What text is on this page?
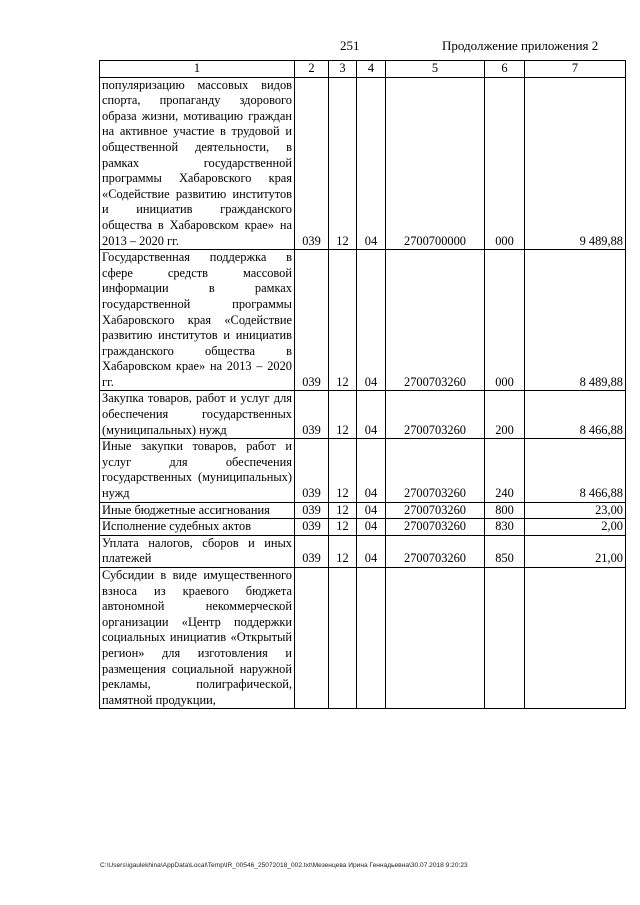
251	Продолжение приложения 2
1	2	3	4	5	6	7
популяризацию массовых видов спорта, пропаганду здорового образа жизни, мотивацию граждан на активное участие в трудовой и общественной деятельности, в рамках государственной программы Хабаровского края «Содействие развитию институтов и инициатив гражданского общества в Хабаровском крае» на 2013 – 2020 гг.	039	12	04	2700700000	000	9 489,88
Государственная поддержка в сфере средств массовой информации в рамках государственной программы Хабаровского края «Содействие развитию институтов и инициатив гражданского общества в Хабаровском крае» на 2013 – 2020 гг.	039	12	04	2700703260	000	8 489,88
Закупка товаров, работ и услуг для обеспечения государственных (муниципальных) нужд	039	12	04	2700703260	200	8 466,88
Иные закупки товаров, работ и услуг для обеспечения государственных (муниципальных) нужд	039	12	04	2700703260	240	8 466,88
Иные бюджетные ассигнования	039	12	04	2700703260	800	23,00
Исполнение судебных актов	039	12	04	2700703260	830	2,00
Уплата налогов, сборов и иных платежей	039	12	04	2700703260	850	21,00
Субсидии в виде имущественного взноса из краевого бюджета автономной некоммерческой организации «Центр поддержки социальных инициатив «Открытый регион» для изготовления и размещения социальной наружной рекламы, полиграфической, памятной продукции,						
C:\Users\igaulekhina\AppData\Local\Temp\IR_00546_25072018_002.txt\Мезенцева Ирина Геннадьевна\30.07.2018 9:20:23
